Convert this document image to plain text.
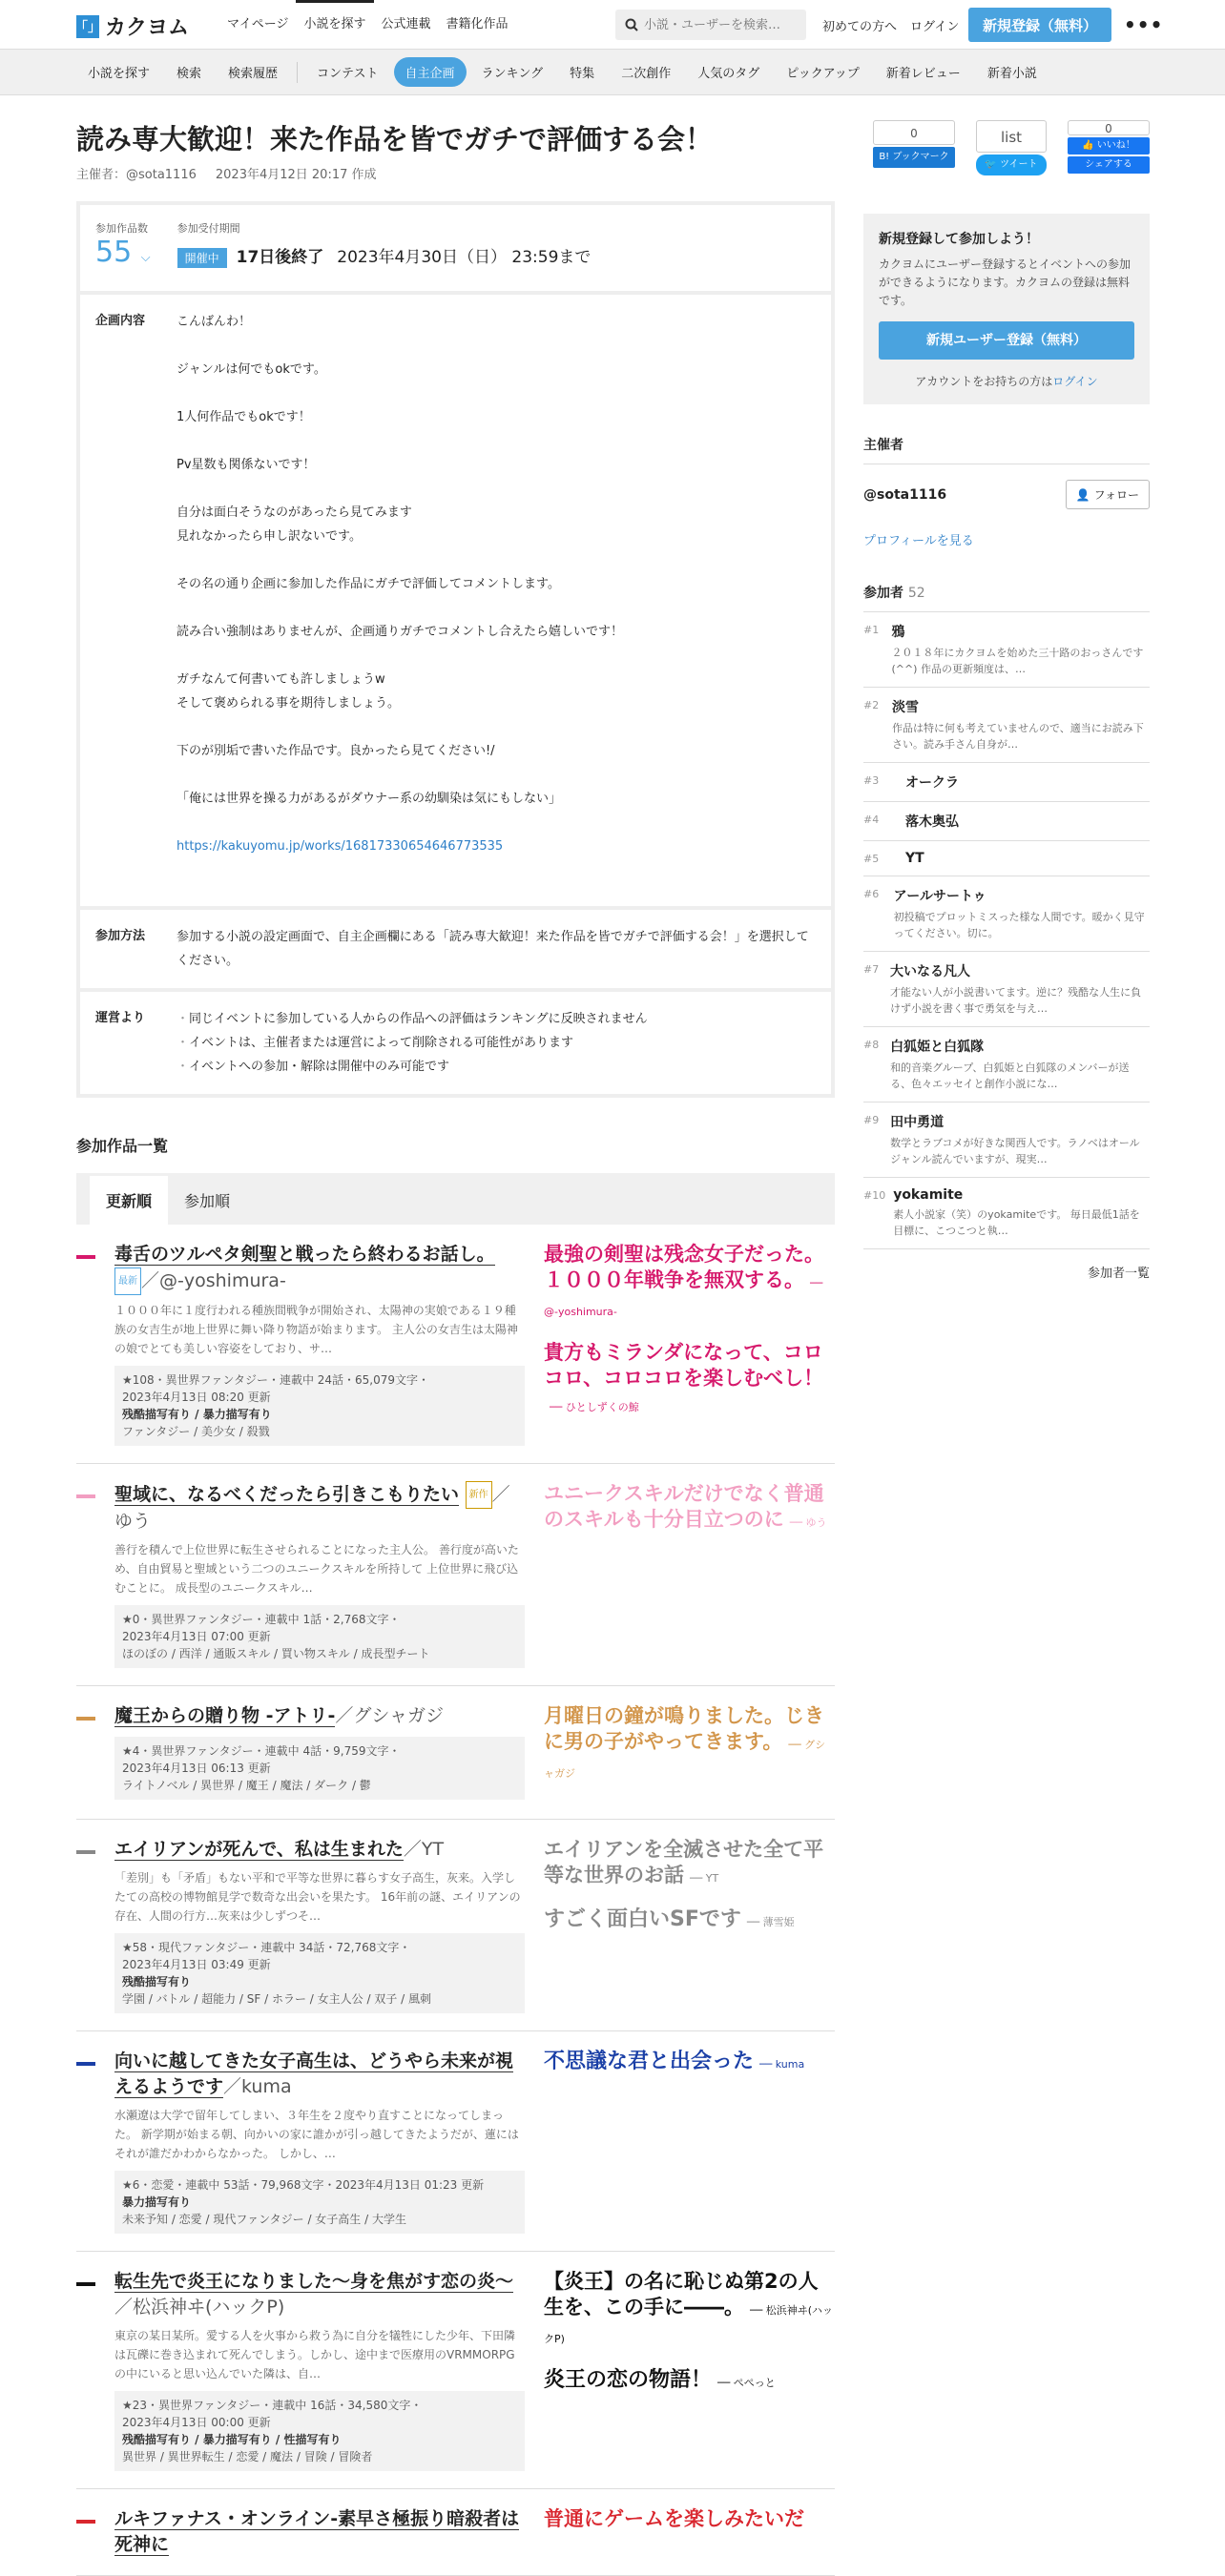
「」 カクヨム	マイページ	小説を探す	公式連載	書籍化作品
小説・ユーザーを検索…	初めての方へ ログイン	新規登録（無料）	•••
小説を探す	検索	検索履歴	コンテスト	自主企画	ランキング	特集	二次創作	人気のタグ	ピックアップ	新着レビュー	新着小説
読み専大歓迎！来た作品を皆でガチで評価する会！
主催者：@sota1116 2023年4月12日 20:17 作成
参加作品数
55 ⌵
参加受付期間
開催中 17日後終了 2023年4月30日（日） 23:59まで
企画内容	こんばんわ！

ジャンルは何でもokです。

1人何作品でもokです！

Pv星数も関係ないです！

自分は面白そうなのがあったら見てみます
見れなかったら申し訳ないです。

その名の通り企画に参加した作品にガチで評価してコメントします。

読み合い強制はありませんが、企画通りガチでコメントし合えたら嬉しいです！

ガチなんて何書いても許しましょうw
そして褒められる事を期待しましょう。

下のが別垢で書いた作品です。良かったら見てください!/

「俺には世界を操る力があるがダウナー系の幼馴染は気にもしない」

https://kakuyomu.jp/works/16817330654646773535
参加方法	参加する小説の設定画面で、自主企画欄にある「読み専大歓迎！来た作品を皆でガチで評価する会！」を選択してください。
運営より
・	同じイベントに参加している人からの作品への評価はランキングに反映されません
・ イベントは、主催者または運営によって削除される可能性があります
・ イベントへの参加・解除は開催中のみ可能です
参加作品一覧
更新順	参加順
毒舌のツルペタ剣聖と戦ったら終わるお話し。 最新 ／@-yoshimura-
１０００年に１度行われる種族間戦争が開始され、太陽神の実娘である１９種族の女吉生が地上世界に舞い降り物語が始まります。 主人公の女吉生は太陽神の娘でとても美しい容姿をしており、サ…
★108・異世界ファンタジー・連載中 24話・65,079文字・
2023年4月13日 08:20 更新
残酷描写有り / 暴力描写有り
ファンタジー / 美少女 / 殺戮
最強の剣聖は残念女子だった。１０００年戦争を無双する。 ── @-yoshimura-
貴方もミランダになって、コロコロ、コロコロを楽しむべし！── ひとしずくの鯨
聖域に、なるべくだったら引きこもりたい 新作 ／ゆう
善行を積んで上位世界に転生させられることになった主人公。 善行度が高いため、自由貿易と聖域という二つのユニークスキルを所持して 上位世界に飛び込むことに。 成長型のユニークスキル…
★0・異世界ファンタジー・連載中 1話・2,768文字・
2023年4月13日 07:00 更新
ほのぼの / 西洋 / 通販スキル / 買い物スキル / 成長型チート
ユニークスキルだけでなく普通のスキルも十分目立つのに ── ゆう
魔王からの贈り物 -アトリ-／グシャガジ
★4・異世界ファンタジー・連載中 4話・9,759文字・
2023年4月13日 06:13 更新
ライトノベル / 異世界 / 魔王 / 魔法 / ダーク / 鬱
月曜日の鐘が鳴りました。じきに男の子がやってきます。 ── グシャガジ
エイリアンが死んで、私は生まれた／YT
「差別」も「矛盾」もない平和で平等な世界に暮らす女子高生，灰来。入学したての高校の博物館見学で数奇な出会いを果たす。 16年前の謎、エイリアンの存在、人間の行方…灰来は少しずつそ…
★58・現代ファンタジー・連載中 34話・72,768文字・
2023年4月13日 03:49 更新
残酷描写有り
学園 / バトル / 超能力 / SF / ホラー / 女主人公 / 双子 / 風刺
エイリアンを全滅させた全て平等な世界のお話 ── YT
すごく面白いSFです ── 薄雪姫
向いに越してきた女子高生は、どうやら未来が視えるようです／kuma
水瀬遼は大学で留年してしまい、３年生を２度やり直すことになってしまった。 新学期が始まる朝、向かいの家に誰かが引っ越してきたようだが、蓮にはそれが誰だかわからなかった。 しかし、…
★6・恋愛・連載中 53話・79,968文字・2023年4月13日 01:23 更新
暴力描写有り
未来予知 / 恋愛 / 現代ファンタジー / 女子高生 / 大学生
不思議な君と出会った ── kuma
転生先で炎王になりました～身を焦がす恋の炎～／松浜神ヰ(ハックP)
東京の某日某所。愛する人を火事から救う為に自分を犠牲にした少年、下田隣は瓦礫に巻き込まれて死んでしまう。しかし、途中まで医療用のVRMMORPGの中にいると思い込んでいた隣は、自…
★23・異世界ファンタジー・連載中 16話・34,580文字・
2023年4月13日 00:00 更新
残酷描写有り / 暴力描写有り / 性描写有り
異世界 / 異世界転生 / 恋愛 / 魔法 / 冒険 / 冒険者
【炎王】の名に恥じぬ第2の人生を、この手に――。 ── 松浜神ヰ(ハックP)
炎王の恋の物語！ ── ぺぺっと
ルキファナス・オンライン-素早さ極振り暗殺者は死神に
普通にゲームを楽しみたいだ
0
B! ブックマーク
list
🐦 ツイート
0
👍 いいね！
シェアする
新規登録して参加しよう！

カクヨムにユーザー登録するとイベントへの参加ができるようになります。カクヨムの登録は無料です。

新規ユーザー登録（無料）
アカウントをお持ちの方はログイン
主催者
@sota1116	👤 フォロー
プロフィールを見る
参加者 52
#1 鴉
２０１８年にカクヨムを始めた三十路のおっさんです(^^) 作品の更新頻度は、…
#2 淡雪
作品は特に何も考えていませんので、適当にお読み下さい。読み手さん自身が…
#3	オークラ
#4	落木奥弘
#5	YT
#6	アールサートゥ
初投稿でプロットミスった様な人間です。暖かく見守ってください。切に。
#7 大いなる凡人
才能ない人が小説書いてます。逆に？残酷な人生に負けず小説を書く事で勇気を与え…
#8 白狐姫と白狐隊
和的音楽グループ、白狐姫と白狐隊のメンバーが送る、色々エッセイと創作小説にな…
#9 田中勇道
数学とラブコメが好きな関西人です。ラノベはオールジャンル読んでいますが、現実…
#10 yokamite
素人小説家（笑）のyokamiteです。 毎日最低1話を目標に、こつこつと執…
参加者一覧
